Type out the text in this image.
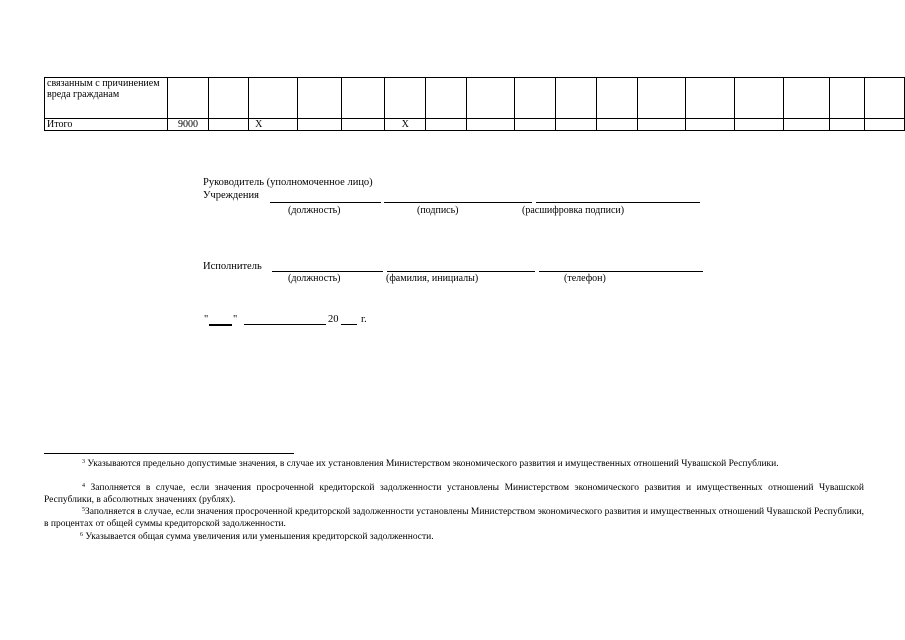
связанным с причинением вреда гражданам																	
Итого	9000		X			X											
Руководитель (уполномоченное лицо)
Учреждения
(должность)	(подпись)	(расшифровка подписи)
Исполнитель
(должность)	(фамилия, инициалы)	(телефон)
" "	20 г.
$^3$ Указываются предельно допустимые значения, в случае их установления Министерством экономического развития и имущественных отношений Чувашской Республики.
$^4$ Заполняется в случае, если значения просроченной кредиторской задолженности установлены Министерством экономического развития и имущественных отношений Чувашской Республики, в абсолютных значениях (рублях).
$^5$Заполняется в случае, если значения просроченной кредиторской задолженности установлены Министерством экономического развития и имущественных отношений Чувашской Республики, в процентах от общей суммы кредиторской задолженности.
$^6$ Указывается общая сумма увеличения или уменьшения кредиторской задолженности.
